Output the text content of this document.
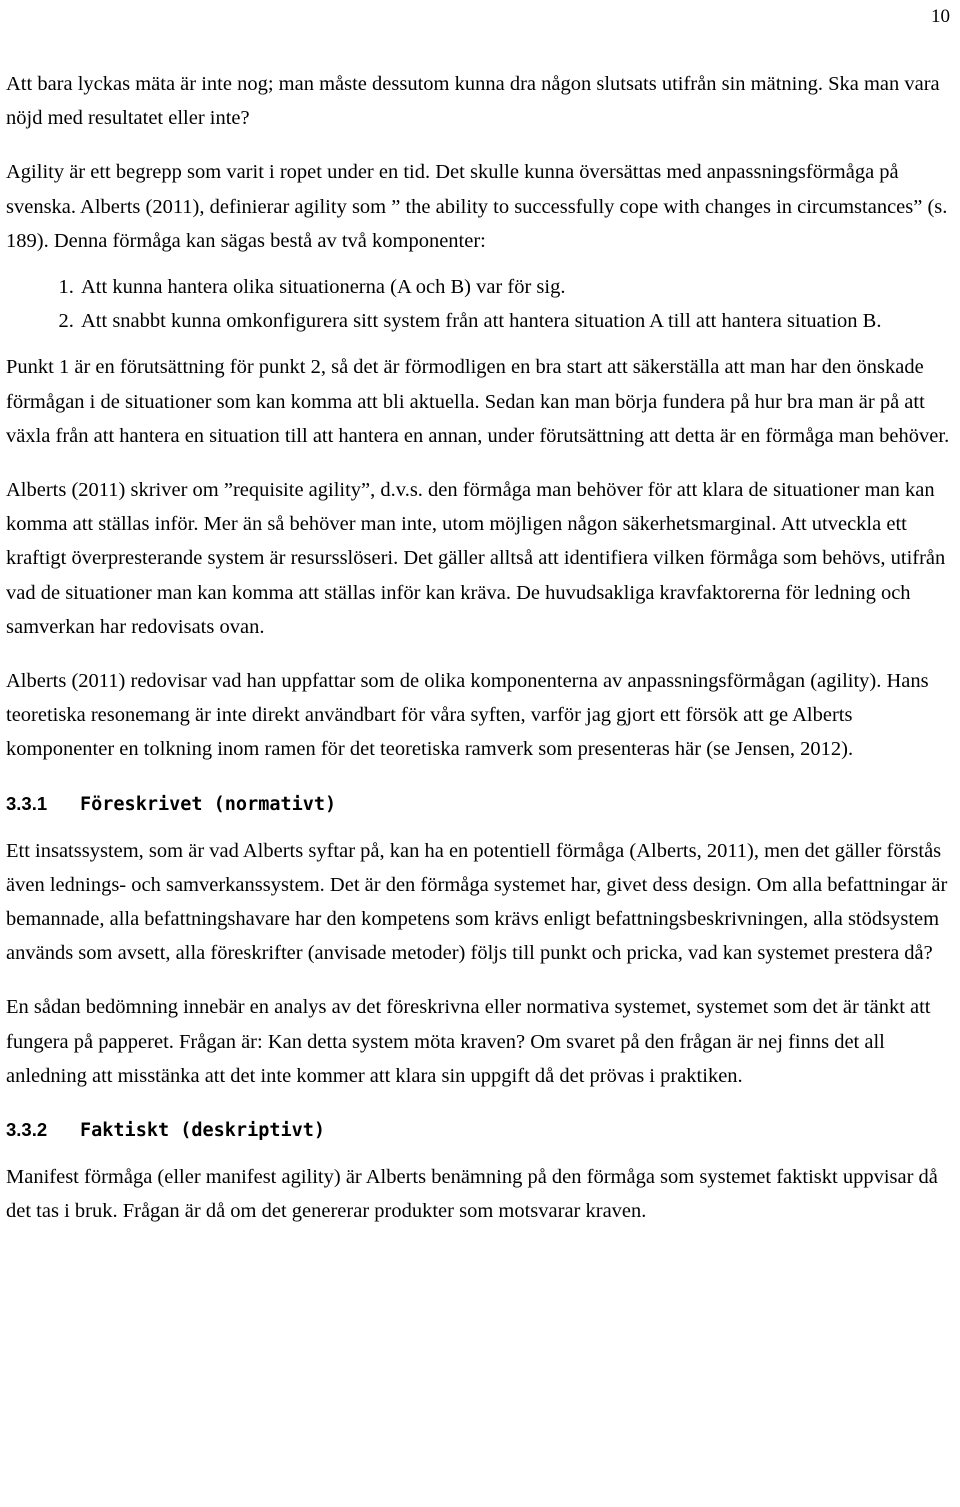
10

Att bara lyckas mäta är inte nog; man måste dessutom kunna dra någon slutsats utifrån sin mätning. Ska man vara nöjd med resultatet eller inte?

Agility är ett begrepp som varit i ropet under en tid. Det skulle kunna översättas med anpassningsförmåga på svenska. Alberts (2011), definierar agility som ” the ability to successfully cope with changes in circumstances” (s. 189). Denna förmåga kan sägas bestå av två komponenter:

1. Att kunna hantera olika situationerna (A och B) var för sig.
2. Att snabbt kunna omkonfigurera sitt system från att hantera situation A till att hantera situation B.

Punkt 1 är en förutsättning för punkt 2, så det är förmodligen en bra start att säkerställa att man har den önskade förmågan i de situationer som kan komma att bli aktuella. Sedan kan man börja fundera på hur bra man är på att växla från att hantera en situation till att hantera en annan, under förutsättning att detta är en förmåga man behöver.

Alberts (2011) skriver om ”requisite agility”, d.v.s. den förmåga man behöver för att klara de situationer man kan komma att ställas inför. Mer än så behöver man inte, utom möjligen någon säkerhetsmarginal. Att utveckla ett kraftigt överpresterande system är resursslöseri. Det gäller alltså att identifiera vilken förmåga som behövs, utifrån vad de situationer man kan komma att ställas inför kan kräva. De huvudsakliga kravfaktorerna för ledning och samverkan har redovisats ovan.

Alberts (2011) redovisar vad han uppfattar som de olika komponenterna av anpassningsförmågan (agility). Hans teoretiska resonemang är inte direkt användbart för våra syften, varför jag gjort ett försök att ge Alberts komponenter en tolkning inom ramen för det teoretiska ramverk som presenteras här (se Jensen, 2012).

3.3.1 Föreskrivet (normativt)

Ett insatssystem, som är vad Alberts syftar på, kan ha en potentiell förmåga (Alberts, 2011), men det gäller förstås även lednings- och samverkanssystem. Det är den förmåga systemet har, givet dess design. Om alla befattningar är bemannade, alla befattningshavare har den kompetens som krävs enligt befattningsbeskrivningen, alla stödsystem används som avsett, alla föreskrifter (anvisade metoder) följs till punkt och pricka, vad kan systemet prestera då?

En sådan bedömning innebär en analys av det föreskrivna eller normativa systemet, systemet som det är tänkt att fungera på papperet. Frågan är: Kan detta system möta kraven? Om svaret på den frågan är nej finns det all anledning att misstänka att det inte kommer att klara sin uppgift då det prövas i praktiken.

3.3.2 Faktiskt (deskriptivt)

Manifest förmåga (eller manifest agility) är Alberts benämning på den förmåga som systemet faktiskt uppvisar då det tas i bruk. Frågan är då om det genererar produkter som motsvarar kraven.
